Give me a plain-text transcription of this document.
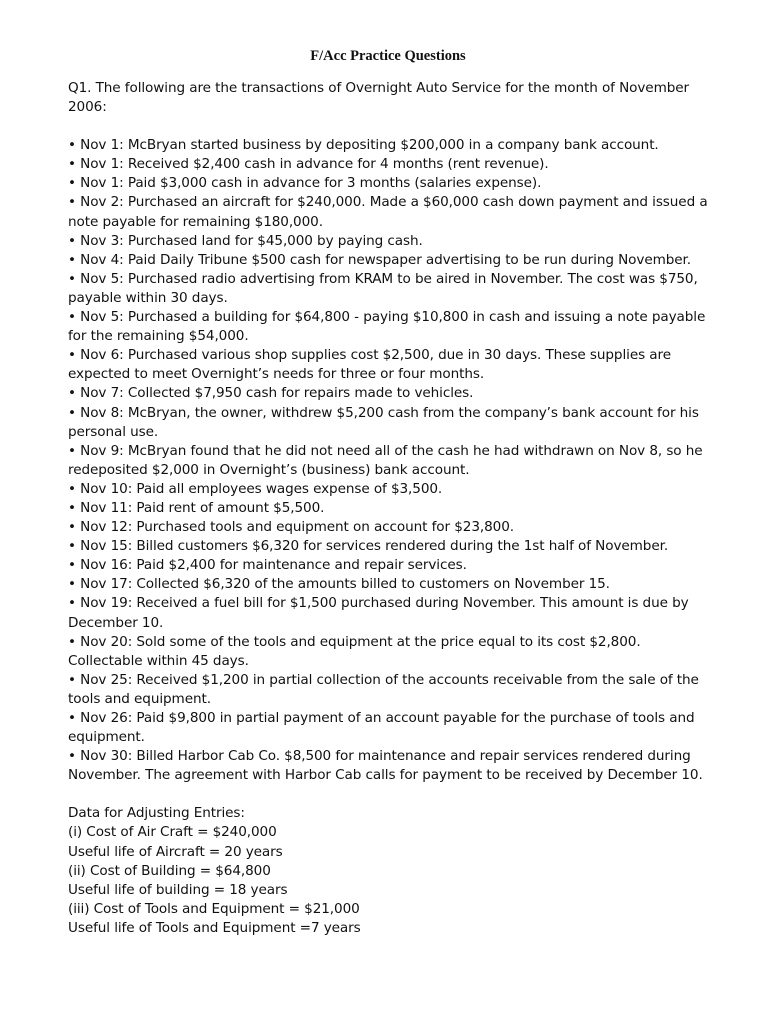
F/Acc Practice Questions

Q1. The following are the transactions of Overnight Auto Service for the month of November 2006:

• Nov 1: McBryan started business by depositing $200,000 in a company bank account.
• Nov 1: Received $2,400 cash in advance for 4 months (rent revenue).
• Nov 1: Paid $3,000 cash in advance for 3 months (salaries expense).
• Nov 2: Purchased an aircraft for $240,000. Made a $60,000 cash down payment and issued a note payable for remaining $180,000.
• Nov 3: Purchased land for $45,000 by paying cash.
• Nov 4: Paid Daily Tribune $500 cash for newspaper advertising to be run during November.
• Nov 5: Purchased radio advertising from KRAM to be aired in November. The cost was $750, payable within 30 days.
• Nov 5: Purchased a building for $64,800 - paying $10,800 in cash and issuing a note payable for the remaining $54,000.
• Nov 6: Purchased various shop supplies cost $2,500, due in 30 days. These supplies are expected to meet Overnight’s needs for three or four months.
• Nov 7: Collected $7,950 cash for repairs made to vehicles.
• Nov 8: McBryan, the owner, withdrew $5,200 cash from the company’s bank account for his personal use.
• Nov 9: McBryan found that he did not need all of the cash he had withdrawn on Nov 8, so he redeposited $2,000 in Overnight’s (business) bank account.
• Nov 10: Paid all employees wages expense of $3,500.
• Nov 11: Paid rent of amount $5,500.
• Nov 12: Purchased tools and equipment on account for $23,800.
• Nov 15: Billed customers $6,320 for services rendered during the 1st half of November.
• Nov 16: Paid $2,400 for maintenance and repair services.
• Nov 17: Collected $6,320 of the amounts billed to customers on November 15.
• Nov 19: Received a fuel bill for $1,500 purchased during November. This amount is due by December 10.
• Nov 20: Sold some of the tools and equipment at the price equal to its cost $2,800. Collectable within 45 days.
• Nov 25: Received $1,200 in partial collection of the accounts receivable from the sale of the tools and equipment.
• Nov 26: Paid $9,800 in partial payment of an account payable for the purchase of tools and equipment.
• Nov 30: Billed Harbor Cab Co. $8,500 for maintenance and repair services rendered during November. The agreement with Harbor Cab calls for payment to be received by December 10.

Data for Adjusting Entries:

(i) Cost of Air Craft = $240,000
Useful life of Aircraft = 20 years
(ii) Cost of Building = $64,800
Useful life of building = 18 years
(iii) Cost of Tools and Equipment = $21,000
Useful life of Tools and Equipment =7 years
